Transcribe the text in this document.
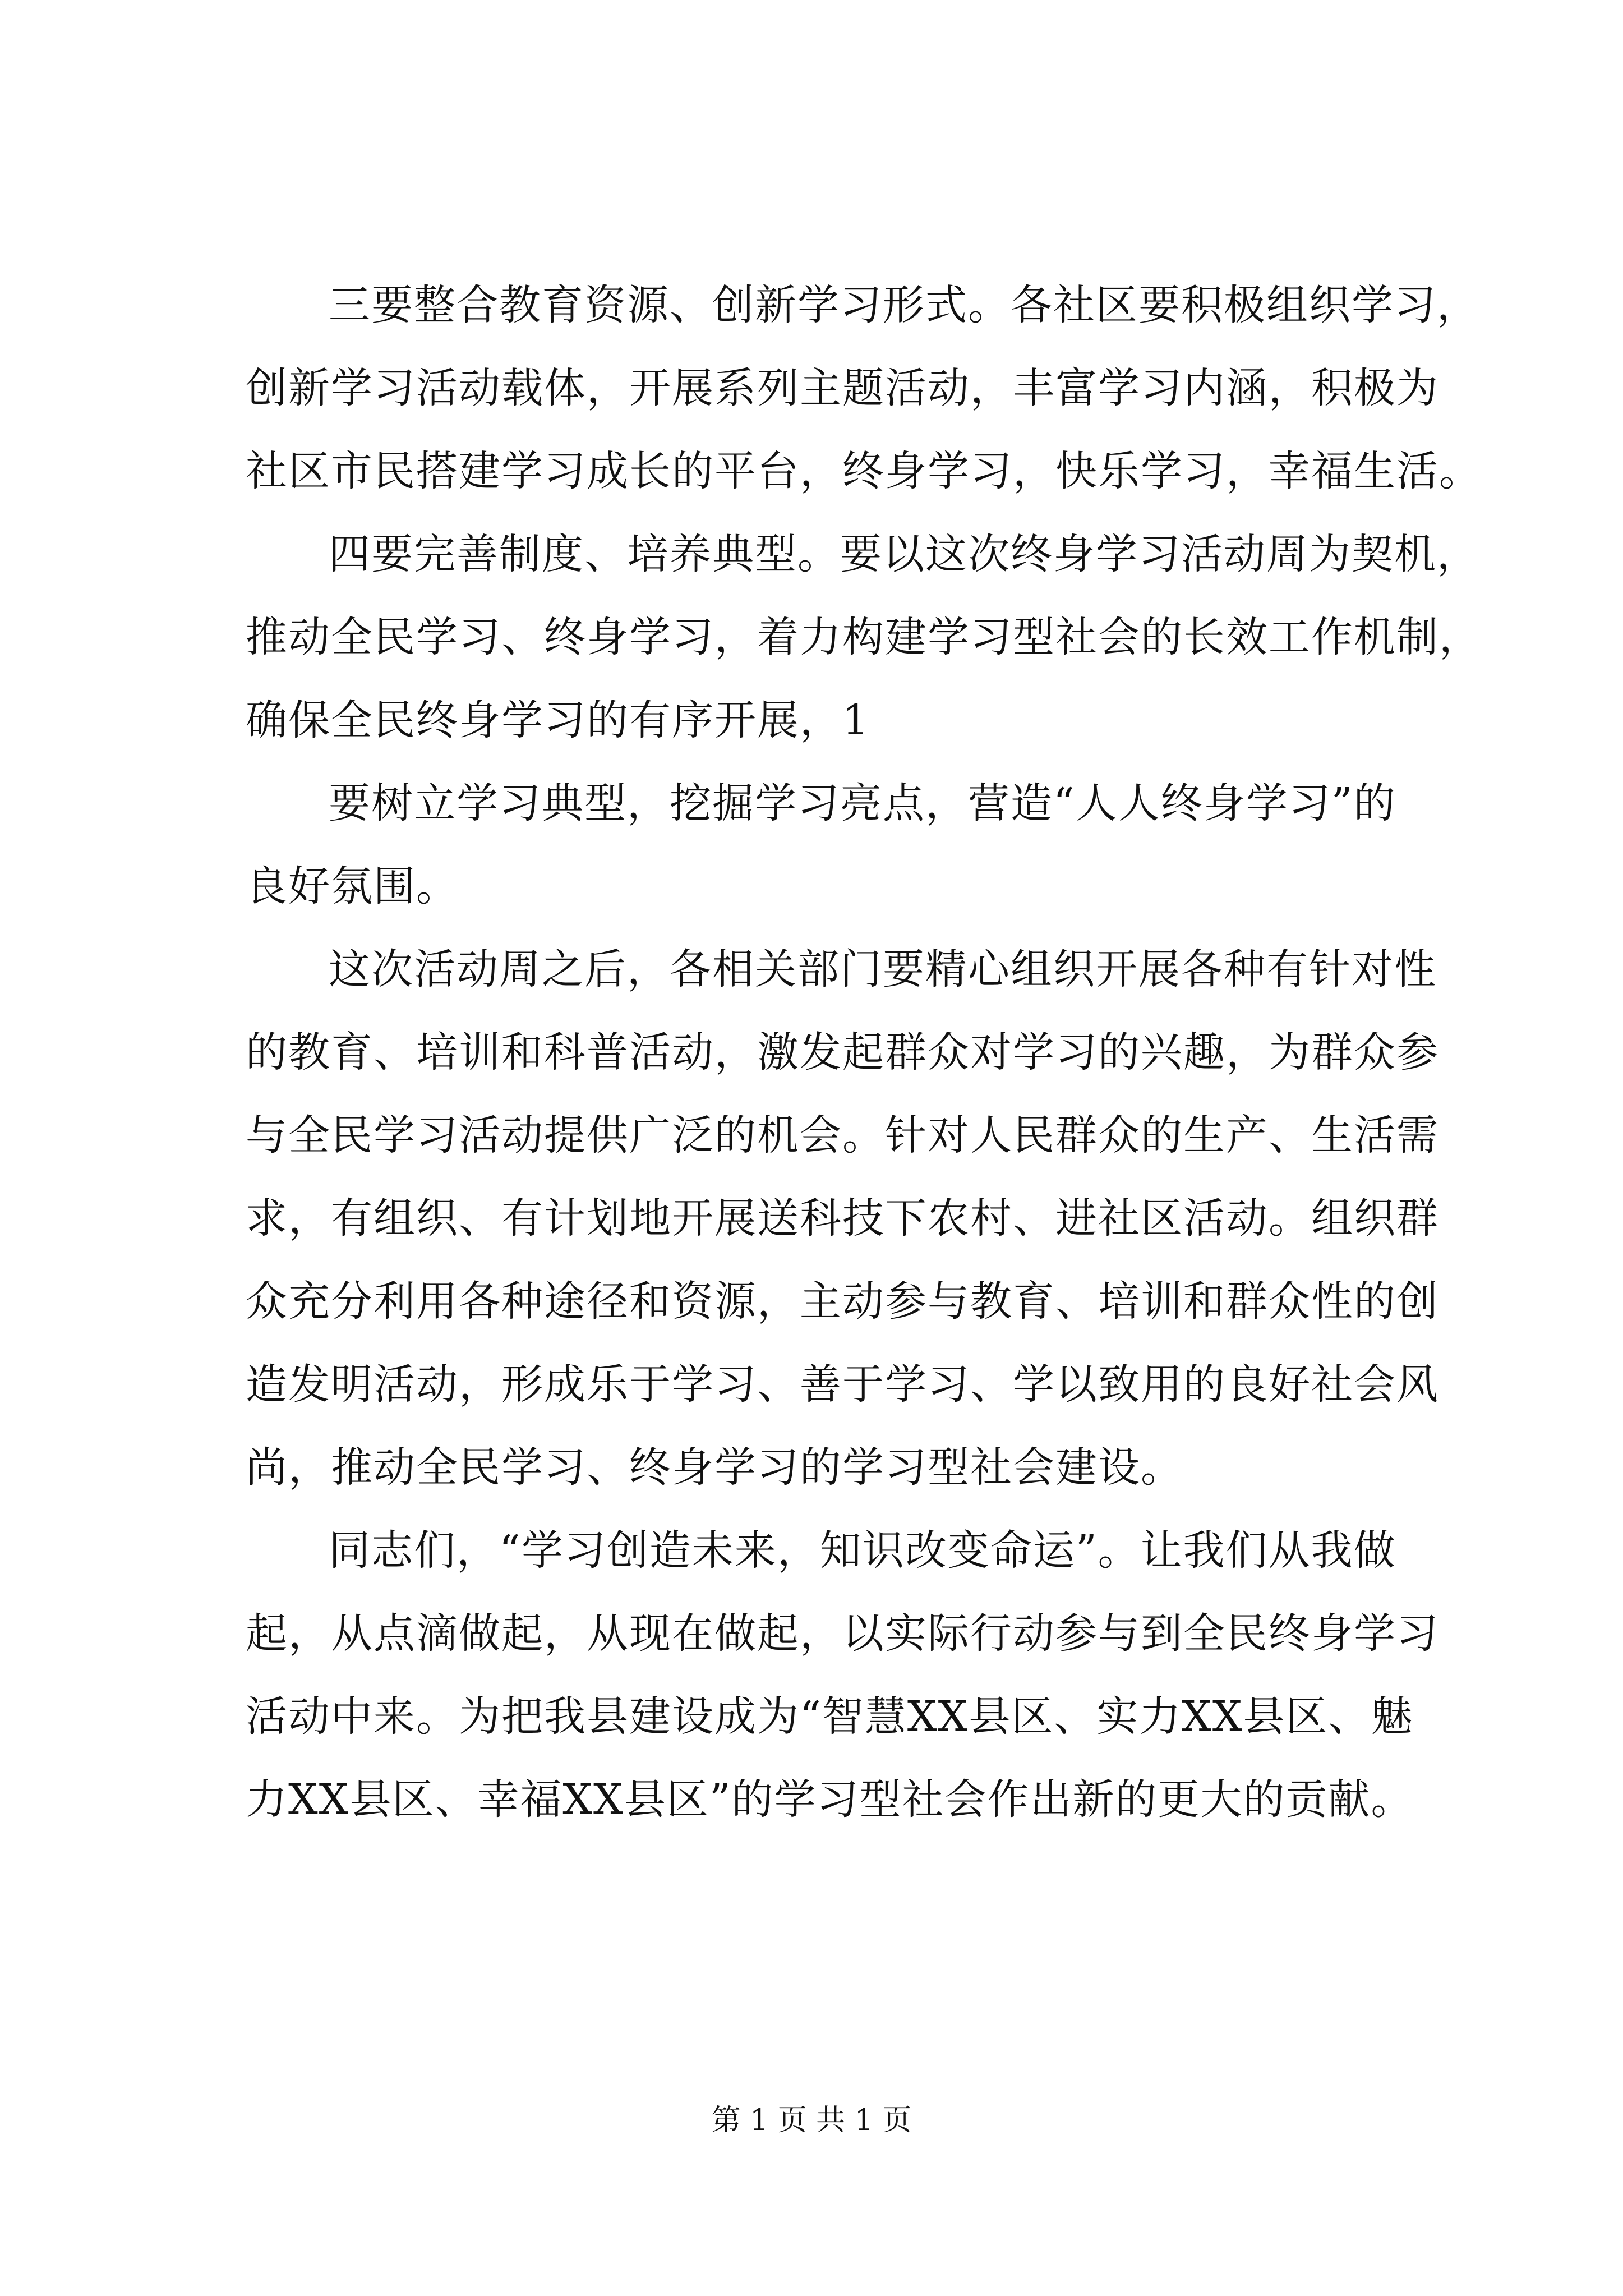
三要整合教育资源、创新学习形式。各社区要积极组织学习，
创新学习活动载体，开展系列主题活动，丰富学习内涵，积极为
社区市民搭建学习成长的平台，终身学习，快乐学习，幸福生活。
四要完善制度、培养典型。要以这次终身学习活动周为契机，
推动全民学习、终身学习，着力构建学习型社会的长效工作机制，
确保全民终身学习的有序开展，1
要树立学习典型，挖掘学习亮点，营造“人人终身学习”的
良好氛围。
这次活动周之后，各相关部门要精心组织开展各种有针对性
的教育、培训和科普活动，激发起群众对学习的兴趣，为群众参
与全民学习活动提供广泛的机会。针对人民群众的生产、生活需
求，有组织、有计划地开展送科技下农村、进社区活动。组织群
众充分利用各种途径和资源，主动参与教育、培训和群众性的创
造发明活动，形成乐于学习、善于学习、学以致用的良好社会风
尚，推动全民学习、终身学习的学习型社会建设。
同志们，“学习创造未来，知识改变命运”。让我们从我做
起，从点滴做起，从现在做起，以实际行动参与到全民终身学习
活动中来。为把我县建设成为“智慧XX县区、实力XX县区、魅
力XX县区、幸福XX县区”的学习型社会作出新的更大的贡献。
第 1 页 共 1 页
